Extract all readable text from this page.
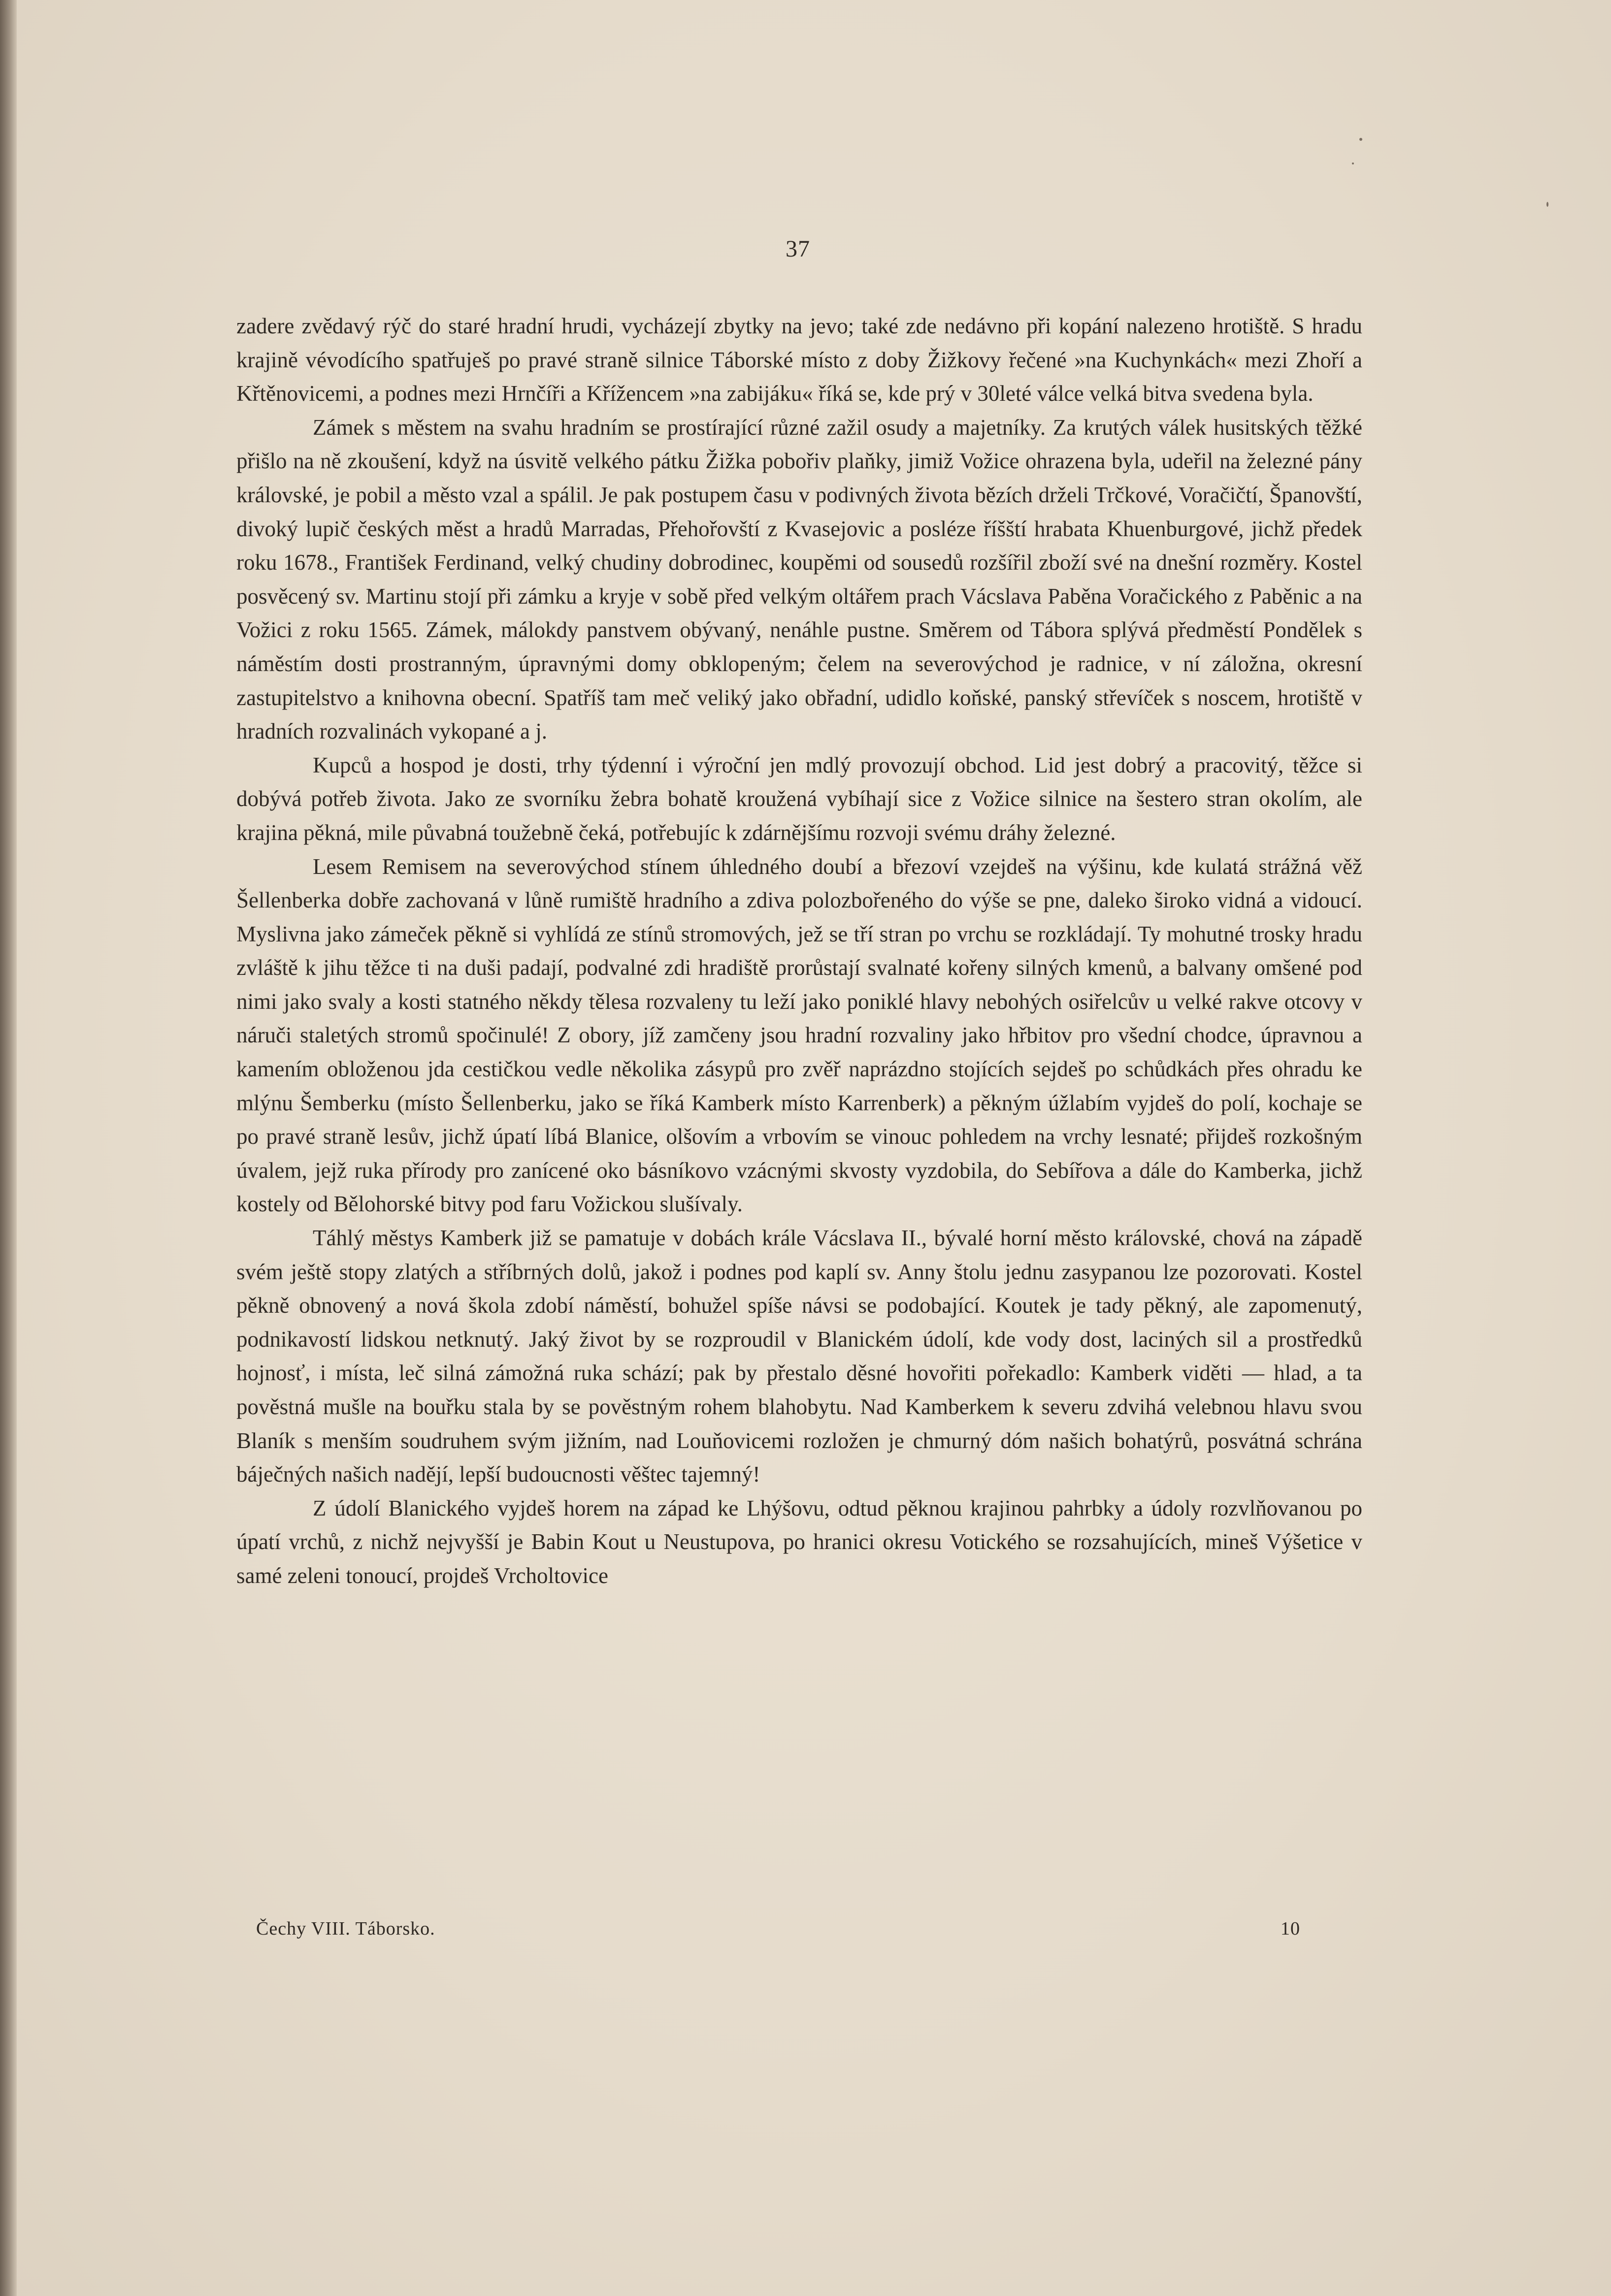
37

zadere zvědavý rýč do staré hradní hrudi, vycházejí zbytky na jevo; také zde nedávno při kopání nalezeno hrotiště. S hradu krajině vévodícího spatřuješ po pravé straně silnice Táborské místo z doby Žižkovy řečené »na Kuchynkách« mezi Zhoří a Křtěnovicemi, a podnes mezi Hrnčíři a Křížencem »na zabijáku« říká se, kde prý v 30leté válce velká bitva svedena byla.

Zámek s městem na svahu hradním se prostírající různé zažil osudy a majetníky. Za krutých válek husitských těžké přišlo na ně zkoušení, když na úsvitě velkého pátku Žižka pobořiv plaňky, jimiž Vožice ohrazena byla, udeřil na železné pány královské, je pobil a město vzal a spálil. Je pak postupem času v podivných života bězích drželi Trčkové, Voračičtí, Španovští, divoký lupič českých měst a hradů Marradas, Přehořovští z Kvasejovic a posléze říšští hrabata Khuenburgové, jichž předek roku 1678., František Ferdinand, velký chudiny dobrodinec, koupěmi od sousedů rozšířil zboží své na dnešní rozměry. Kostel posvěcený sv. Martinu stojí při zámku a kryje v sobě před velkým oltářem prach Vácslava Paběna Voračického z Paběnic a na Vožici z roku 1565. Zámek, málokdy panstvem obývaný, nenáhle pustne. Směrem od Tábora splývá předměstí Pondělek s náměstím dosti prostranným, úpravnými domy obklopeným; čelem na severovýchod je radnice, v ní záložna, okresní zastupitelstvo a knihovna obecní. Spatříš tam meč veliký jako obřadní, udidlo koňské, panský střevíček s noscem, hrotiště v hradních rozvalinách vykopané a j.

Kupců a hospod je dosti, trhy týdenní i výroční jen mdlý provozují obchod. Lid jest dobrý a pracovitý, těžce si dobývá potřeb života. Jako ze svorníku žebra bohatě kroužená vybíhají sice z Vožice silnice na šestero stran okolím, ale krajina pěkná, mile půvabná toužebně čeká, potřebujíc k zdárnějšímu rozvoji svému dráhy železné.

Lesem Remisem na severovýchod stínem úhledného doubí a březoví vzejdeš na výšinu, kde kulatá strážná věž Šellenberka dobře zachovaná v lůně rumiště hradního a zdiva polozbořeného do výše se pne, daleko široko vidná a vidoucí. Myslivna jako zámeček pěkně si vyhlídá ze stínů stromových, jež se tří stran po vrchu se rozkládají. Ty mohutné trosky hradu zvláště k jihu těžce ti na duši padají, podvalné zdi hradiště prorůstají svalnaté kořeny silných kmenů, a balvany omšené pod nimi jako svaly a kosti statného někdy tělesa rozvaleny tu leží jako poniklé hlavy nebohých osiřelcův u velké rakve otcovy v náruči staletých stromů spočinulé! Z obory, jíž zamčeny jsou hradní rozvaliny jako hřbitov pro všední chodce, úpravnou a kamením obloženou jda cestičkou vedle několika zásypů pro zvěř naprázdno stojících sejdeš po schůdkách přes ohradu ke mlýnu Šemberku (místo Šellenberku, jako se říká Kamberk místo Karrenberk) a pěkným úžlabím vyjdeš do polí, kochaje se po pravé straně lesův, jichž úpatí líbá Blanice, olšovím a vrbovím se vinouc pohledem na vrchy lesnaté; přijdeš rozkošným úvalem, jejž ruka přírody pro zanícené oko básníkovo vzácnými skvosty vyzdobila, do Sebířova a dále do Kamberka, jichž kostely od Bělohorské bitvy pod faru Vožickou slušívaly.

Táhlý městys Kamberk již se pamatuje v dobách krále Vácslava II., bývalé horní město královské, chová na západě svém ještě stopy zlatých a stříbrných dolů, jakož i podnes pod kaplí sv. Anny štolu jednu zasypanou lze pozorovati. Kostel pěkně obnovený a nová škola zdobí náměstí, bohužel spíše návsi se podobající. Koutek je tady pěkný, ale zapomenutý, podnikavostí lidskou netknutý. Jaký život by se rozproudil v Blanickém údolí, kde vody dost, laciných sil a prostředků hojnosť, i místa, leč silná zámožná ruka schází; pak by přestalo děsné hovořiti pořekadlo: Kamberk viděti — hlad, a ta pověstná mušle na bouřku stala by se pověstným rohem blahobytu. Nad Kamberkem k severu zdvihá velebnou hlavu svou Blaník s menším soudruhem svým jižním, nad Louňovicemi rozložen je chmurný dóm našich bohatýrů, posvátná schrána báječných našich nadějí, lepší budoucnosti věštec tajemný!

Z údolí Blanického vyjdeš horem na západ ke Lhýšovu, odtud pěknou krajinou pahrbky a údoly rozvlňovanou po úpatí vrchů, z nichž nejvyšší je Babin Kout u Neustupova, po hranici okresu Votického se rozsahujících, mineš Výšetice v samé zeleni tonoucí, projdeš Vrcholtovice

Čechy VIII. Táborsko.	10
